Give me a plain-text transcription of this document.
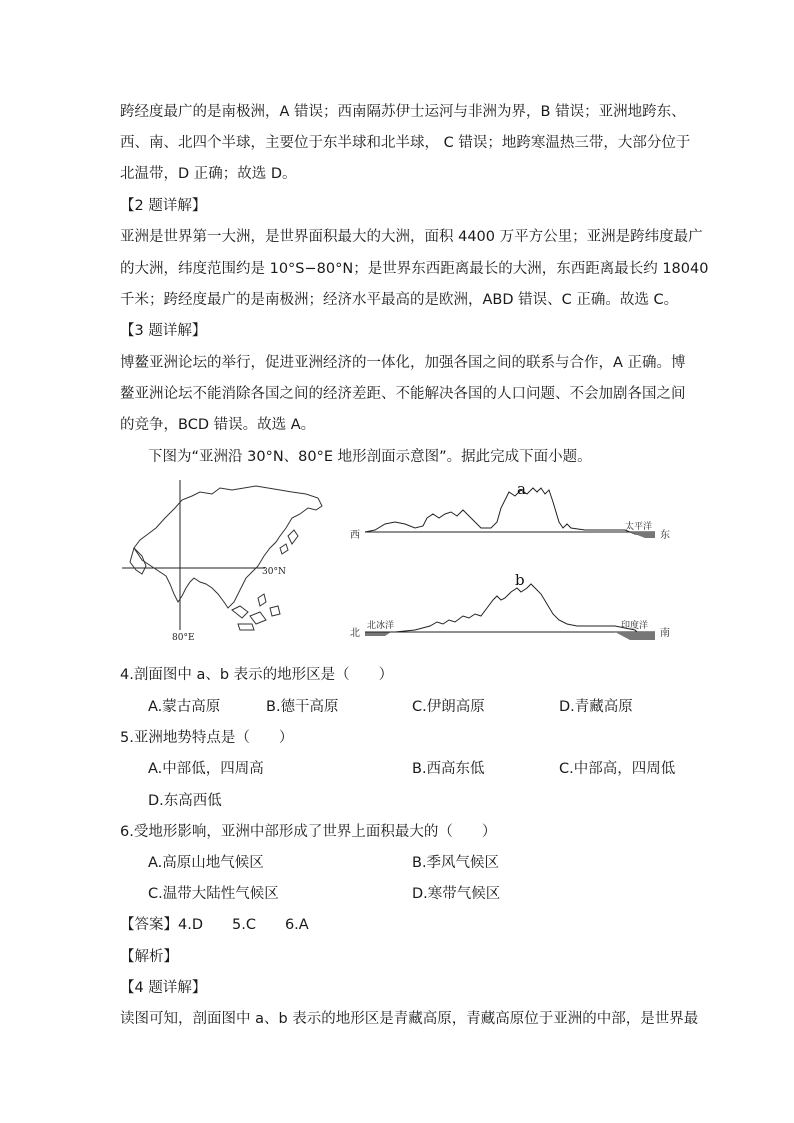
跨经度最广的是南极洲，A 错误；西南隔苏伊士运河与非洲为界，B 错误；亚洲地跨东、
西、南、北四个半球，主要位于东半球和北半球， C 错误；地跨寒温热三带，大部分位于
北温带，D 正确；故选 D。
【2 题详解】
亚洲是世界第一大洲，是世界面积最大的大洲，面积 4400 万平方公里；亚洲是跨纬度最广
的大洲，纬度范围约是 10°S−80°N；是世界东西距离最长的大洲，东西距离最长约 18040
千米；跨经度最广的是南极洲；经济水平最高的是欧洲，ABD 错误、C 正确。故选 C。
【3 题详解】
博鳌亚洲论坛的举行，促进亚洲经济的一体化，加强各国之间的联系与合作，A 正确。博
鳌亚洲论坛不能消除各国之间的经济差距、不能解决各国的人口问题、不会加剧各国之间
的竞争，BCD 错误。故选 A。
下图为“亚洲沿 30°N、80°E 地形剖面示意图”。据此完成下面小题。
30°N
80°E
a
西	东
太平洋
b
北	南
北冰洋	印度洋
4.剖面图中 a、b 表示的地形区是（　　）
A.蒙古高原	B.德干高原	C.伊朗高原	D.青藏高原
5.亚洲地势特点是（　　）
A.中部低，四周高	B.西高东低	C.中部高，四周低
D.东高西低
6.受地形影响，亚洲中部形成了世界上面积最大的（　　）
A.高原山地气候区	B.季风气候区
C.温带大陆性气候区	D.寒带气候区
【答案】4.D　　5.C　　6.A
【解析】
【4 题详解】
读图可知，剖面图中 a、b 表示的地形区是青藏高原，青藏高原位于亚洲的中部，是世界最
